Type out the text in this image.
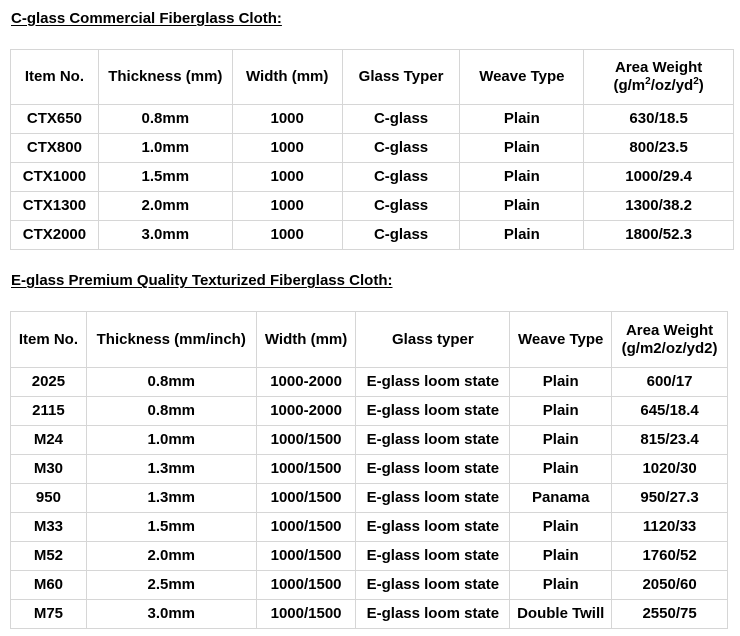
C-glass Commercial Fiberglass Cloth:
Item No.	Thickness (mm)	Width (mm)	Glass Typer	Weave Type	Area Weight
$(g/m^2/oz/yd^2)$

CTX650	0.8mm	1000	C-glass	Plain	630/18.5
CTX800	1.0mm	1000	C-glass	Plain	800/23.5
CTX1000	1.5mm	1000	C-glass	Plain	1000/29.4
CTX1300	2.0mm	1000	C-glass	Plain	1300/38.2
CTX2000	3.0mm	1000	C-glass	Plain	1800/52.3
E-glass Premium Quality Texturized Fiberglass Cloth:
Item No.	Thickness (mm/inch)	Width (mm)	Glass typer	Weave Type	Area Weight
(g/m2/oz/yd2)

2025	0.8mm	1000-2000	E-glass loom state	Plain	600/17
2115	0.8mm	1000-2000	E-glass loom state	Plain	645/18.4
M24	1.0mm	1000/1500	E-glass loom state	Plain	815/23.4
M30	1.3mm	1000/1500	E-glass loom state	Plain	1020/30
950	1.3mm	1000/1500	E-glass loom state	Panama	950/27.3
M33	1.5mm	1000/1500	E-glass loom state	Plain	1120/33
M52	2.0mm	1000/1500	E-glass loom state	Plain	1760/52
M60	2.5mm	1000/1500	E-glass loom state	Plain	2050/60
M75	3.0mm	1000/1500	E-glass loom state	Double Twill	2550/75
